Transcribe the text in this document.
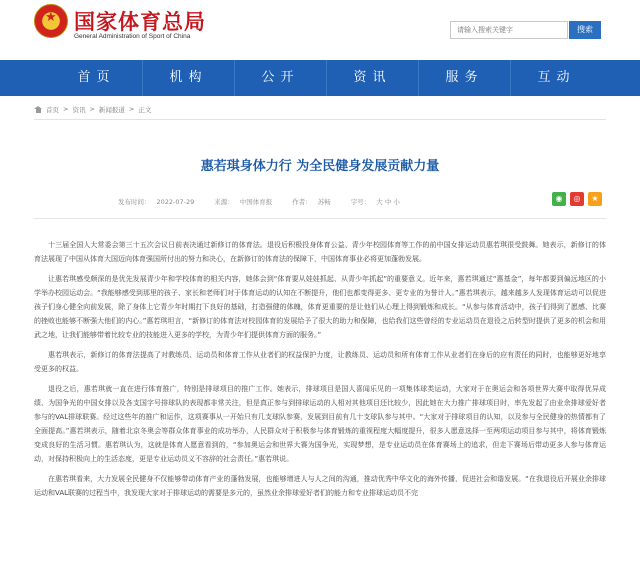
★
国家体育总局
General Administration of Sport of China
请输入搜索关键字
搜索
首页	机构	公开	资讯	服务	互动
首页 > 资讯 > 新闻报道 > 正文
惠若琪身体力行 为全民健身发展贡献力量
发布时间： 2022-07-29	来源： 中国体育报	作者： 苏畅	字号： 大 中 小	◉	◎	★

十三届全国人大常委会第三十五次会议日前表决通过新修订的体育法。退役后积极投身体育公益、青少年校园体育等工作的前中国女排运动员惠若琪很受鼓舞。她表示，新修订的体育法展现了中国从体育大国迈向体育强国所付出的努力和决心，在新修订的体育法的保障下，中国体育事业必将更加蓬勃发展。

让惠若琪感受颇深的是优先发展青少年和学校体育的相关内容，她体会到“体育要从娃娃抓起、从青少年抓起”的重要意义。近年来，惠若琪通过“惠基金”，每年都要到偏远地区的小学举办校园运动会。“我能够感受到那里的孩子、家长和老师们对于体育运动的认知在不断提升，他们也都变得更多、更专业的为誉计人。”惠若琪表示，越来越多人发现体育运动可以促进孩子们身心健全向前发展，除了身体上它青少年时期打下良好的基础，打造强健的体魄，体育更重要的是让他们从心理上得到锻炼和成长。“从参与体育活动中，孩子们得到了愿感、比赛的挫败也能够不断强大他们的内心。”惠若琪坦言，“新修订的体育法对校园体育的发展给予了很大的助力和保障，也给我们这些曾经的专业运动员在退役之后转型时提供了更多的机会和用武之地，让我们能够带着比较专业的技能进入更多的学校，为青少年们提供体育方面的服务。”

惠若琪表示，新修订的体育法提高了对教练员、运动员和体育工作从业者们的权益保护力度，让教练员、运动员和所有体育工作从业者们在身后的应有责任的同时，也能够更好地享受更多的权益。

退役之后，惠若琪就一直在进行体育推广，特别是排球项目的推广工作。她表示，排球项目是国人喜闻乐见的一项集体球类运动，大家对于在奥运会和各项世界大赛中取得优异成绩、为国争光的中国女排以及各支国字号排球队的表现都非常关注，但是真正参与到排球运动的人相对其他项目还比较少，因此她在大力推广排球项目时，率先发起了由业余排球爱好者参与的VAL排球联赛。经过这些年的推广和运作，这项赛事从一开始只有几支球队参赛，发展到目前有几十支球队参与其中。“大家对于排球项目的认知，以及参与全民健身的热情都有了全面提高。”惠若琪表示，随着北京冬奥会等群众体育事业的成功举办，人民群众对于积极参与体育锻炼的重视程度大幅度提升，很多人愿意选择一至两项运动项目参与其中，将体育锻炼变成良好的生活习惯。惠若琪认为，这就是体育人愿意看到的，“参加奥运会和世界大赛为国争光，实现梦想，是专业运动员在体育赛场上的追求，但走下赛场后带动更多人参与体育运动，对保持积极向上的生活态度，更是专业运动员义不容辞的社会责任。”惠若琪说。

在惠若琪看来，大力发展全民健身不仅能够带动体育产业的蓬勃发展，也能够增进人与人之间的沟通，推动优秀中华文化的海外传播，促进社会和谐发展。“在我退役后开展业余排球运动和VAL联赛的过程当中，我发现大家对于排球运动的需要是多元的，虽然业余排球爱好者们的能力和专业排球运动员不完
